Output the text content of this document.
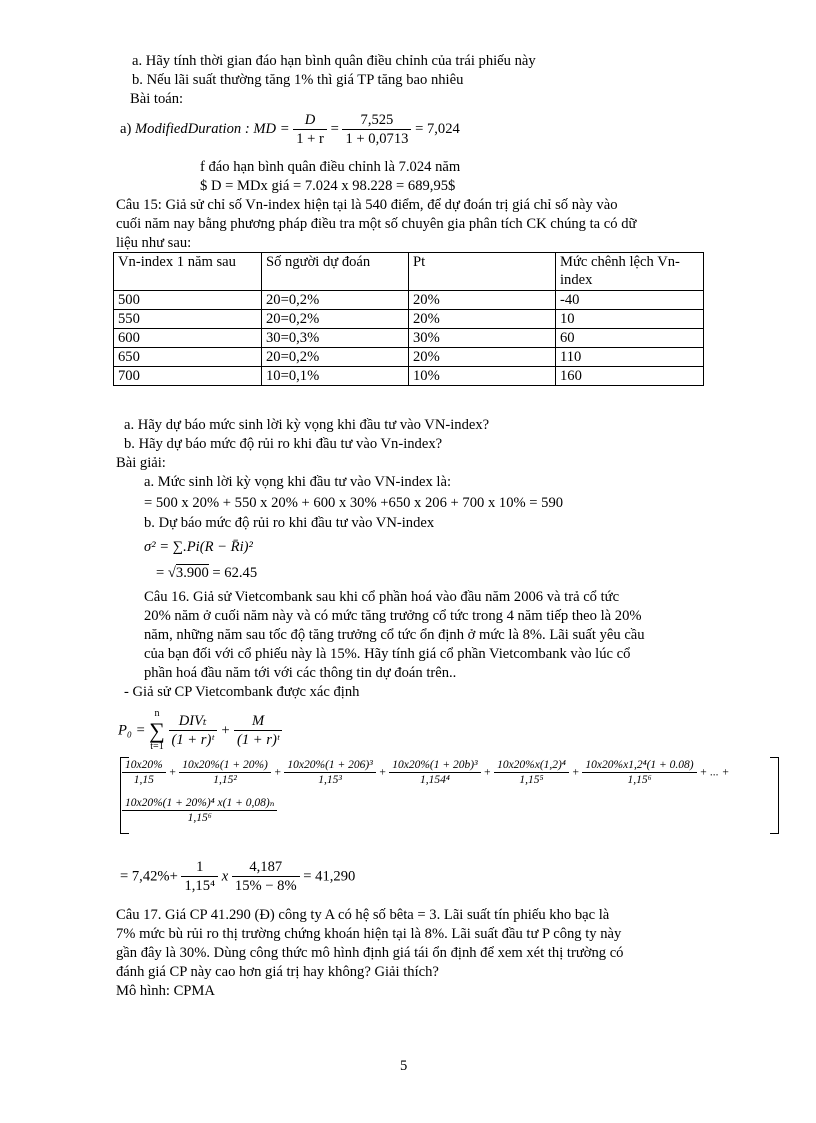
a. Hãy tính thời gian đáo hạn bình quân điều chỉnh của trái phiếu này
b. Nếu lãi suất thường tăng 1% thì giá TP tăng bao nhiêu
Bài toán:
a) ModifiedDuration : MD = $\frac{D}{1 + r} = \frac{7,525}{1 + 0,0713} = 7,024$
f đáo hạn bình quân điều chỉnh là 7.024 năm
$ D = MDx giá = 7.024 x 98.228 = 689,95$
Câu 15: Giả sử chỉ số Vn-index hiện tại là 540 điểm, để dự đoán trị giá chỉ số này vào
cuối năm nay bằng phương pháp điều tra một số chuyên gia phân tích CK chúng ta có dữ
liệu như sau:
Vn-index 1 năm sau	Số người dự đoán	Pt	Mức chênh lệch Vn-
index
500	20=0,2%	20%	-40
550	20=0,2%	20%	10
600	30=0,3%	30%	60
650	20=0,2%	20%	110
700	10=0,1%	10%	160
a. Hãy dự báo mức sinh lời kỳ vọng khi đầu tư vào VN-index?
b. Hãy dự báo mức độ rủi ro khi đầu tư vào Vn-index?
Bài giải:
a. Mức sinh lời kỳ vọng khi đầu tư vào VN-index là:
= 500 x 20% + 550 x 20% + 600 x 30% +650 x 206 + 700 x 10% = 590
b. Dự báo mức độ rủi ro khi đầu tư vào VN-index
σ² = ∑.Pi(R − R̄i)²
= √3.900 = 62.45
Câu 16. Giả sử Vietcombank sau khi cổ phần hoá vào đầu năm 2006 và trả cổ tức
20% năm ở cuối năm này và có mức tăng trưởng cổ tức trong 4 năm tiếp theo là 20%
năm, những năm sau tốc độ tăng trưởng cổ tức ổn định ở mức là 8%. Lãi suất yêu cầu
của bạn đối với cổ phiếu này là 15%. Hãy tính giá cổ phần Vietcombank vào lúc cổ
phần hoá đầu năm tới với các thông tin dự đoán trên..
- Giả sử CP Vietcombank được xác định
P₀ =
n
∑
t=1
$\frac{\text{DIVₜ}}{\text{(1 + r)ᵗ}} + \frac{M}{\text{(1 + r)ᵗ}}$
$\frac{10x20\%}{1,15} + \frac{10x20\%(1 + 20\%)}{\text{1,15²}} + \frac{\text{10x20\%(1 + 206)³}}{\text{1,15³}} + \frac{\text{10x20\%(1 + 20b)³}}{\text{1,154⁴}} + \frac{\text{10x20\%x(1,2)⁴}}{\text{1,15⁵}} + \frac{\text{10x20\%x1,2⁴(1 + 0.08)}}{\text{1,15⁶}}$ + ... +
$\frac{\text{10x20\%(1 + 20\%)⁴ x(1 + 0,08)ₙ}}{\text{1,15⁶}}$
= $7,42\%+ \frac{1}{\text{1,15⁴}}$ x $\frac{4,187}{15\% - 8\%} = 41,290$
Câu 17. Giá CP 41.290 (Đ) công ty A có hệ số bêta = 3. Lãi suất tín phiếu kho bạc là
7% mức bù rủi ro thị trường chứng khoán hiện tại là 8%. Lãi suất đầu tư P công ty này
gần đây là 30%. Dùng công thức mô hình định giá tái ổn định để xem xét thị trường có
đánh giá CP này cao hơn giá trị hay không? Giải thích?
Mô hình: CPMA
5
